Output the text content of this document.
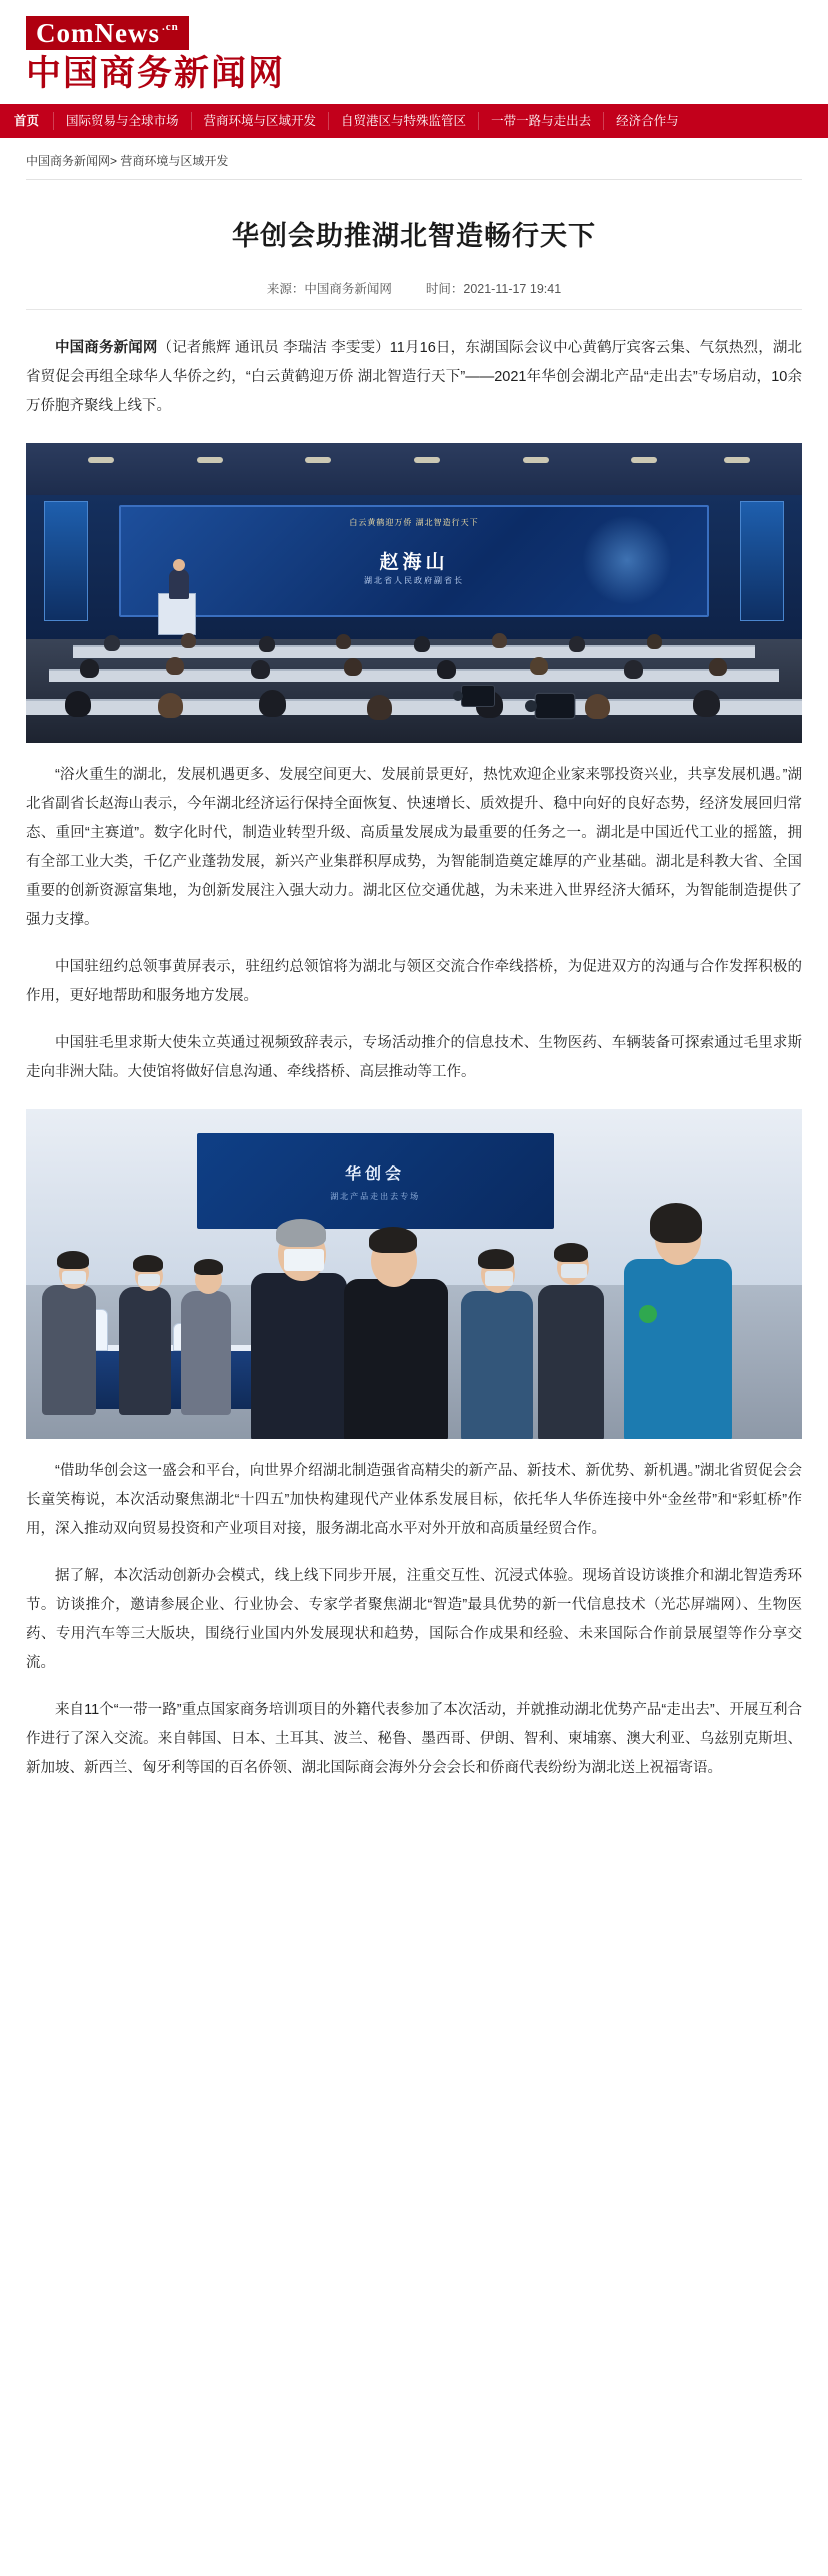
ComNews .cn
中国商务新闻网
首页	国际贸易与全球市场	营商环境与区域开发	自贸港区与特殊监管区	一带一路与走出去	经济合作与
中国商务新闻网> 营商环境与区域开发
华创会助推湖北智造畅行天下
来源：中国商务新闻网	时间：2021-11-17 19:41

中国商务新闻网（记者熊辉 通讯员 李瑞洁 李雯雯）11月16日，东湖国际会议中心黄鹤厅宾客云集、气氛热烈，湖北省贸促会再组全球华人华侨之约，“白云黄鹤迎万侨 湖北智造行天下”——2021年华创会湖北产品“走出去”专场启动，10余万侨胞齐聚线上线下。

白云黄鹤迎万侨 湖北智造行天下
赵海山
湖北省人民政府副省长

“浴火重生的湖北，发展机遇更多、发展空间更大、发展前景更好，热忱欢迎企业家来鄂投资兴业，共享发展机遇。”湖北省副省长赵海山表示，今年湖北经济运行保持全面恢复、快速增长、质效提升、稳中向好的良好态势，经济发展回归常态、重回“主赛道”。数字化时代，制造业转型升级、高质量发展成为最重要的任务之一。湖北是中国近代工业的摇篮，拥有全部工业大类，千亿产业蓬勃发展，新兴产业集群积厚成势，为智能制造奠定雄厚的产业基础。湖北是科教大省、全国重要的创新资源富集地，为创新发展注入强大动力。湖北区位交通优越，为未来进入世界经济大循环，为智能制造提供了强力支撑。

中国驻纽约总领事黄屏表示，驻纽约总领馆将为湖北与领区交流合作牵线搭桥，为促进双方的沟通与合作发挥积极的作用，更好地帮助和服务地方发展。

中国驻毛里求斯大使朱立英通过视频致辞表示，专场活动推介的信息技术、生物医药、车辆装备可探索通过毛里求斯走向非洲大陆。大使馆将做好信息沟通、牵线搭桥、高层推动等工作。

华创会
湖北产品走出去专场

“借助华创会这一盛会和平台，向世界介绍湖北制造强省高精尖的新产品、新技术、新优势、新机遇。”湖北省贸促会会长童笑梅说，本次活动聚焦湖北“十四五”加快构建现代产业体系发展目标，依托华人华侨连接中外“金丝带”和“彩虹桥”作用，深入推动双向贸易投资和产业项目对接，服务湖北高水平对外开放和高质量经贸合作。

据了解，本次活动创新办会模式，线上线下同步开展，注重交互性、沉浸式体验。现场首设访谈推介和湖北智造秀环节。访谈推介，邀请参展企业、行业协会、专家学者聚焦湖北“智造”最具优势的新一代信息技术（光芯屏端网）、生物医药、专用汽车等三大版块，围绕行业国内外发展现状和趋势，国际合作成果和经验、未来国际合作前景展望等作分享交流。

来自11个“一带一路”重点国家商务培训项目的外籍代表参加了本次活动，并就推动湖北优势产品“走出去”、开展互利合作进行了深入交流。来自韩国、日本、土耳其、波兰、秘鲁、墨西哥、伊朗、智利、柬埔寨、澳大利亚、乌兹别克斯坦、新加坡、新西兰、匈牙利等国的百名侨领、湖北国际商会海外分会会长和侨商代表纷纷为湖北送上祝福寄语。
